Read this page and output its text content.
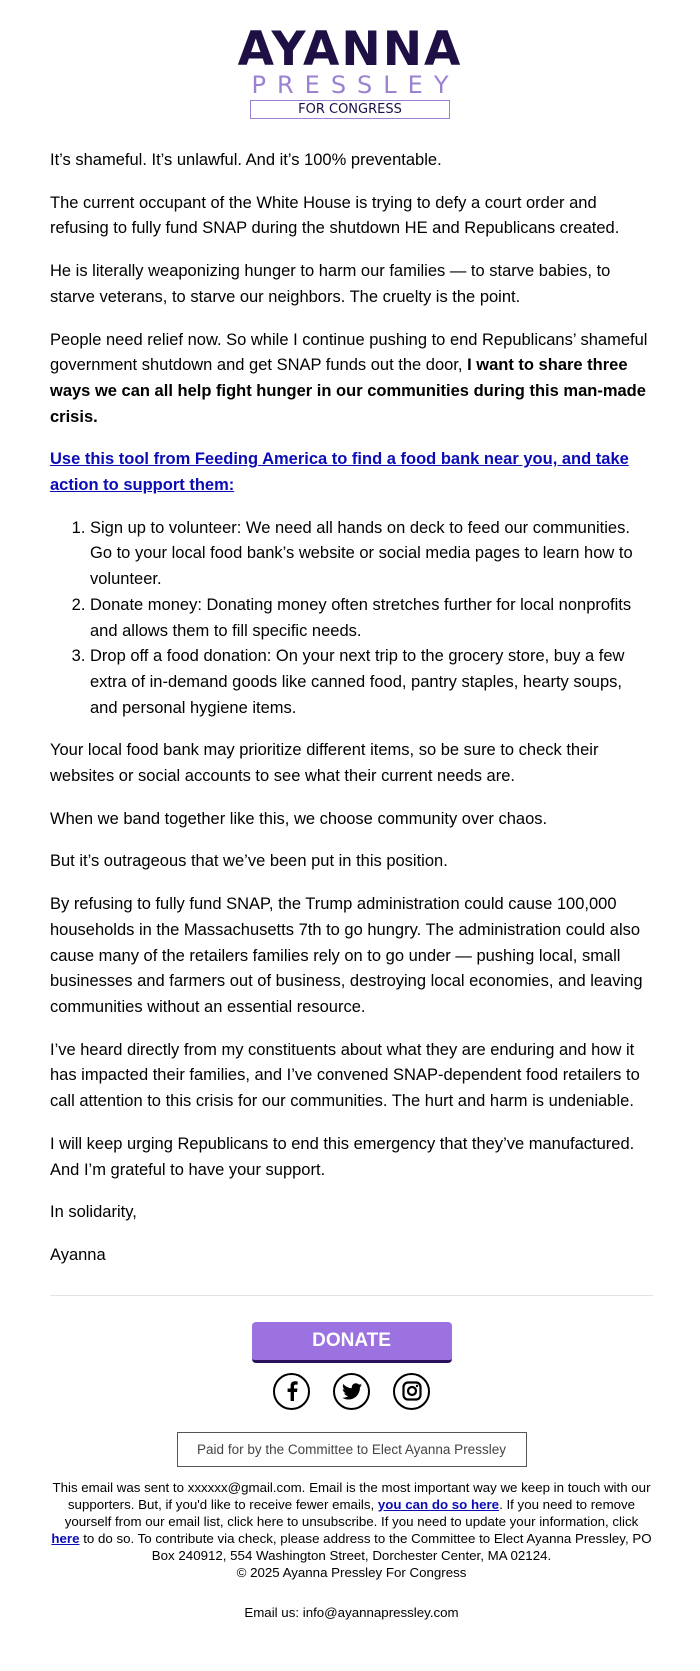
AYANNA
PRESSLEY
FOR CONGRESS

It’s shameful. It’s unlawful. And it’s 100% preventable.

The current occupant of the White House is trying to defy a court order and refusing to fully fund SNAP during the shutdown HE and Republicans created.

He is literally weaponizing hunger to harm our families — to starve babies, to starve veterans, to starve our neighbors. The cruelty is the point.

People need relief now. So while I continue pushing to end Republicans’ shameful government shutdown and get SNAP funds out the door, I want to share three ways we can all help fight hunger in our communities during this man-made crisis.

Use this tool from Feeding America to find a food bank near you, and take action to support them:

1. Sign up to volunteer: We need all hands on deck to feed our communities. Go to your local food bank’s website or social media pages to learn how to volunteer.
2. Donate money: Donating money often stretches further for local nonprofits and allows them to fill specific needs.
3. Drop off a food donation: On your next trip to the grocery store, buy a few extra of in-demand goods like canned food, pantry staples, hearty soups, and personal hygiene items.

Your local food bank may prioritize different items, so be sure to check their websites or social accounts to see what their current needs are.

When we band together like this, we choose community over chaos.

But it’s outrageous that we’ve been put in this position.

By refusing to fully fund SNAP, the Trump administration could cause 100,000 households in the Massachusetts 7th to go hungry. The administration could also cause many of the retailers families rely on to go under — pushing local, small businesses and farmers out of business, destroying local economies, and leaving communities without an essential resource.

I’ve heard directly from my constituents about what they are enduring and how it has impacted their families, and I’ve convened SNAP-dependent food retailers to call attention to this crisis for our communities. The hurt and harm is undeniable.

I will keep urging Republicans to end this emergency that they’ve manufactured. And I’m grateful to have your support.

In solidarity,

Ayanna

DONATE
Paid for by the Committee to Elect Ayanna Pressley
This email was sent to xxxxxx@gmail.com. Email is the most important way we keep in touch with our supporters. But, if you'd like to receive fewer emails, you can do so here. If you need to remove yourself from our email list, click here to unsubscribe. If you need to update your information, click here to do so. To contribute via check, please address to the Committee to Elect Ayanna Pressley, PO Box 240912, 554 Washington Street, Dorchester Center, MA 02124.
© 2025 Ayanna Pressley For Congress
Email us: info@ayannapressley.com
